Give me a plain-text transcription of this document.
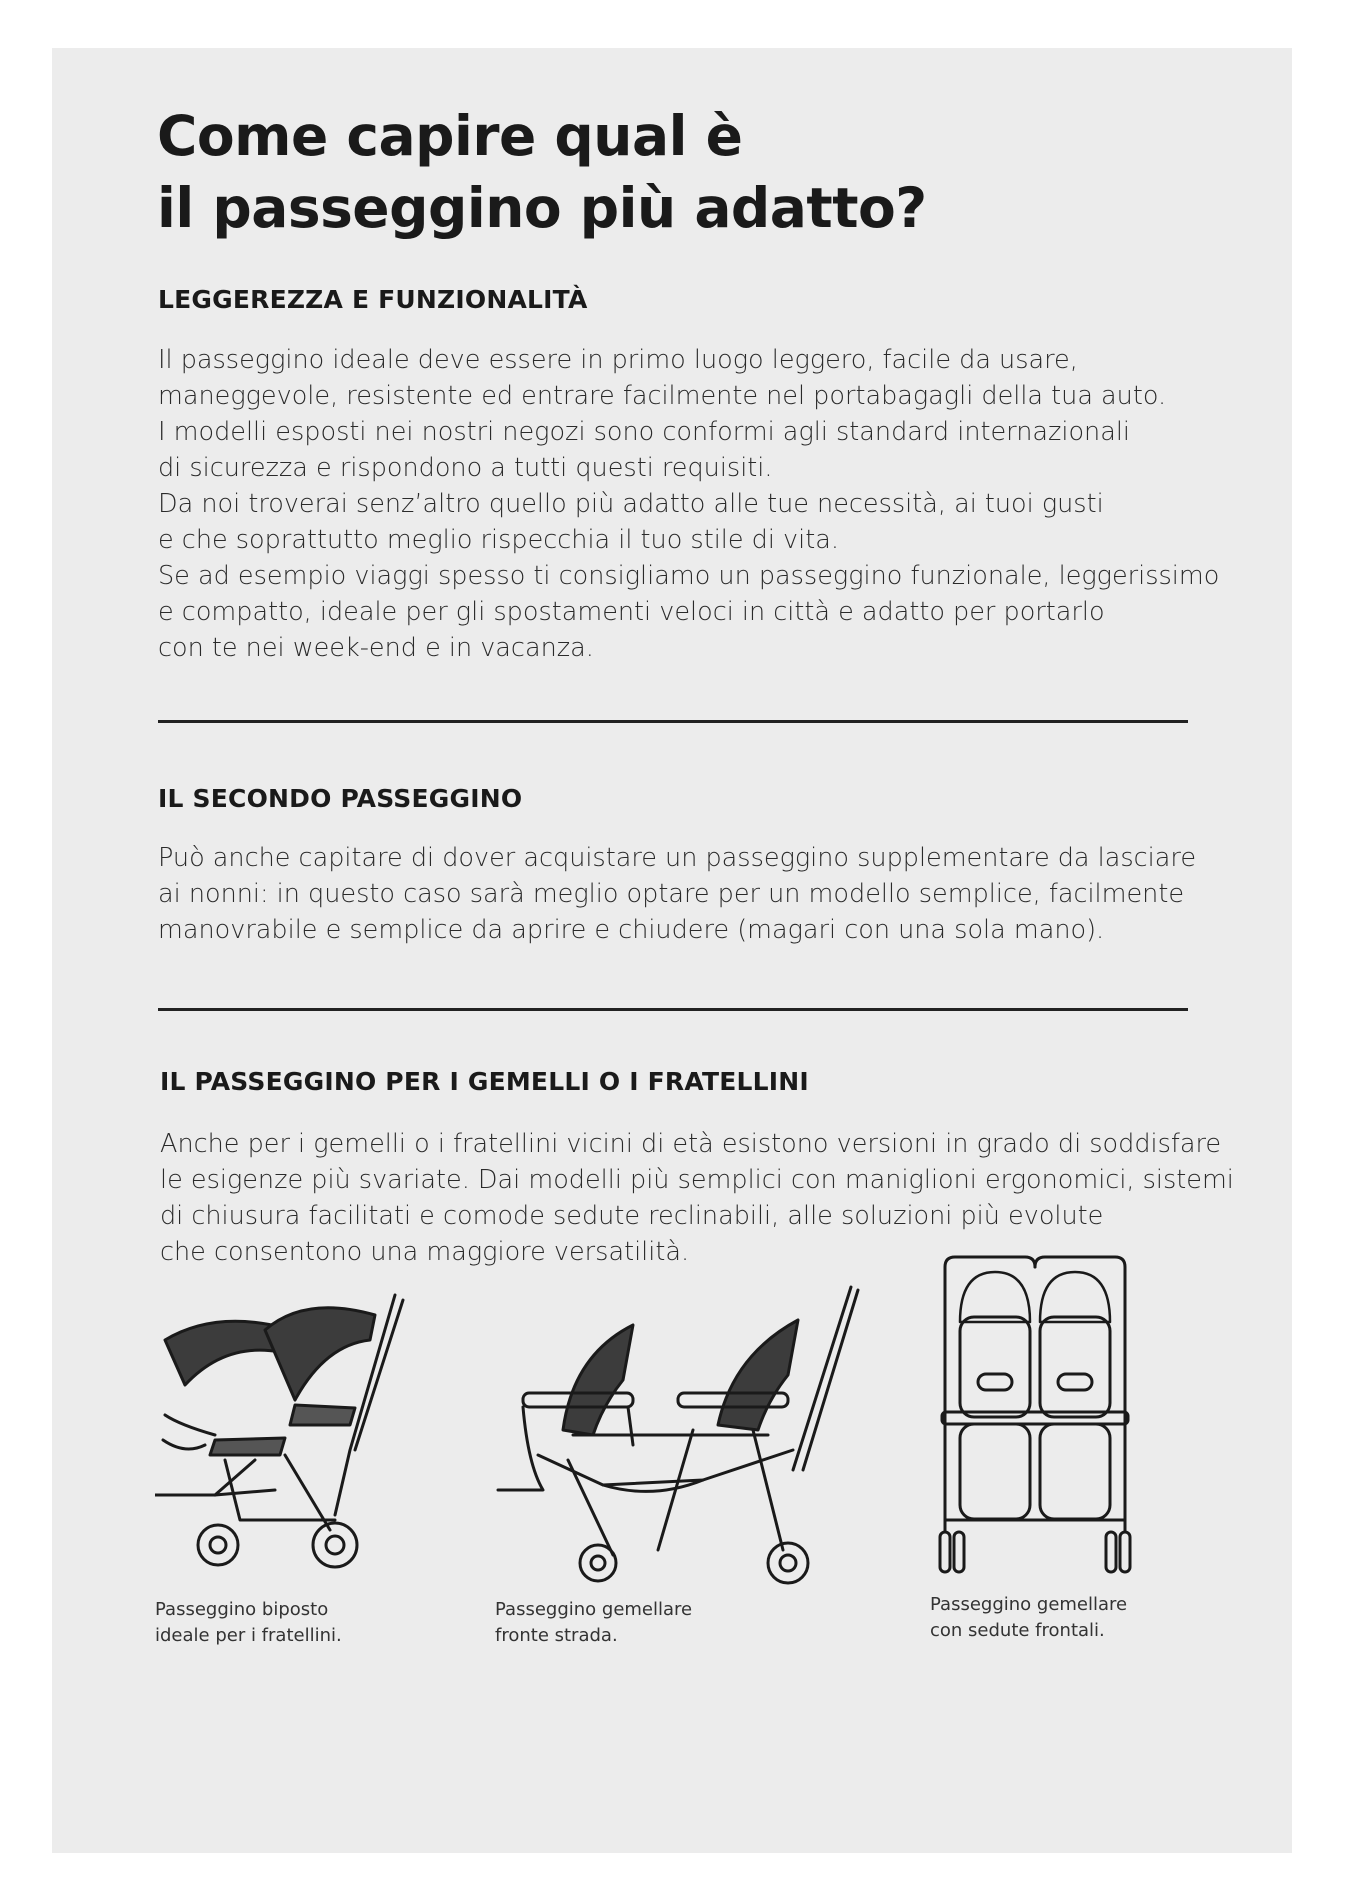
Come capire qual è
il passeggino più adatto?
LEGGEREZZA E FUNZIONALITÀ

Il passeggino ideale deve essere in primo luogo leggero, facile da usare,
maneggevole, resistente ed entrare facilmente nel portabagagli della tua auto.
I modelli esposti nei nostri negozi sono conformi agli standard internazionali
di sicurezza e rispondono a tutti questi requisiti.
Da noi troverai senz’altro quello più adatto alle tue necessità, ai tuoi gusti
e che soprattutto meglio rispecchia il tuo stile di vita.
Se ad esempio viaggi spesso ti consigliamo un passeggino funzionale, leggerissimo
e compatto, ideale per gli spostamenti veloci in città e adatto per portarlo
con te nei week-end e in vacanza.

IL SECONDO PASSEGGINO

Può anche capitare di dover acquistare un passeggino supplementare da lasciare
ai nonni: in questo caso sarà meglio optare per un modello semplice, facilmente
manovrabile e semplice da aprire e chiudere (magari con una sola mano).

IL PASSEGGINO PER I GEMELLI O I FRATELLINI

Anche per i gemelli o i fratellini vicini di età esistono versioni in grado di soddisfare
le esigenze più svariate. Dai modelli più semplici con maniglioni ergonomici, sistemi
di chiusura facilitati e comode sedute reclinabili, alle soluzioni più evolute
che consentono una maggiore versatilità.

Passeggino biposto
ideale per i fratellini.

Passeggino gemellare
fronte strada.

Passeggino gemellare
con sedute frontali.
